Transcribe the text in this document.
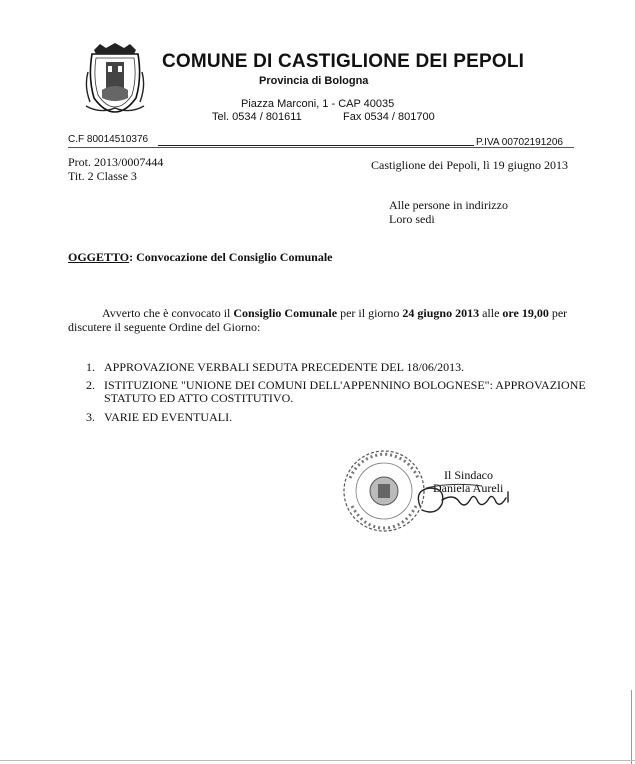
COMUNE DI CASTIGLIONE DEI PEPOLI
Provincia di Bologna
Piazza Marconi, 1 - CAP 40035
Tel. 0534 / 801611	Fax 0534 / 801700
C.F 80014510376	P.IVA 00702191206
Prot. 2013/0007444
Tit. 2 Classe 3
Castiglione dei Pepoli, lì 19 giugno 2013
Alle persone in indirizzo
Loro sedi
OGGETTO: Convocazione del Consiglio Comunale
Avverto che è convocato il Consiglio Comunale per il giorno 24 giugno 2013 alle ore 19,00 per
discutere il seguente Ordine del Giorno:
1. APPROVAZIONE VERBALI SEDUTA PRECEDENTE DEL 18/06/2013.
2. ISTITUZIONE "UNIONE DEI COMUNI DELL'APPENNINO BOLOGNESE": APPROVAZIONE
STATUTO ED ATTO COSTITUTIVO.
3. VARIE ED EVENTUALI.
Il Sindaco
Daniela Aureli
